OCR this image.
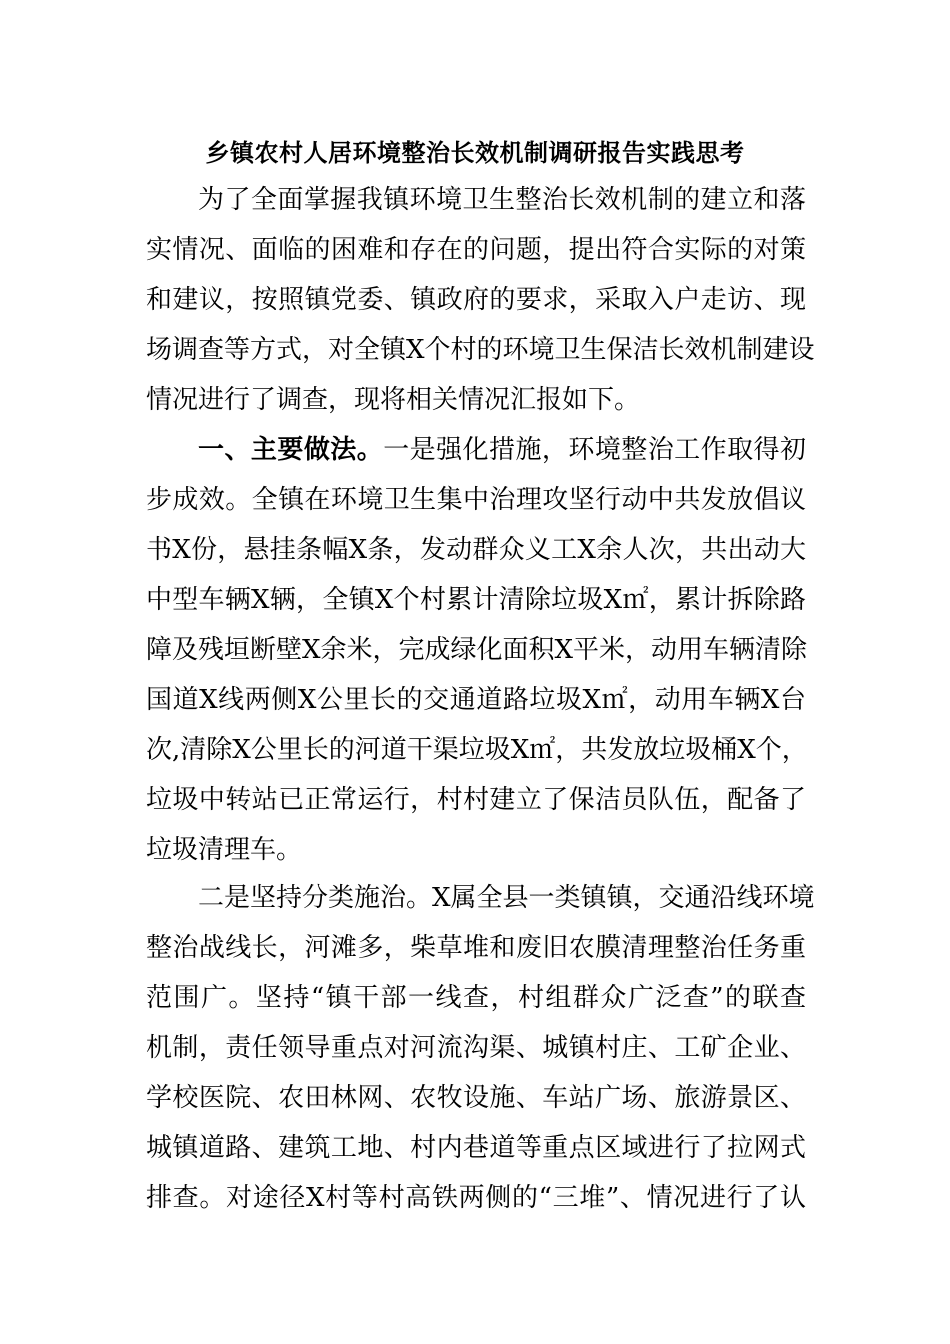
乡镇农村人居环境整治长效机制调研报告实践思考
为了全面掌握我镇环境卫生整治长效机制的建立和落
实情况、面临的困难和存在的问题，提出符合实际的对策
和建议，按照镇党委、镇政府的要求，采取入户走访、现
场调查等方式，对全镇X个村的环境卫生保洁长效机制建设
情况进行了调查，现将相关情况汇报如下。
一、主要做法。一是强化措施，环境整治工作取得初
步成效。全镇在环境卫生集中治理攻坚行动中共发放倡议
书X份，悬挂条幅X条，发动群众义工X余人次，共出动大
中型车辆X辆，全镇X个村累计清除垃圾X㎡，累计拆除路
障及残垣断壁X余米，完成绿化面积X平米，动用车辆清除
国道X线两侧X公里长的交通道路垃圾X㎡，动用车辆X台
次,清除X公里长的河道干渠垃圾X㎡，共发放垃圾桶X个，
垃圾中转站已正常运行，村村建立了保洁员队伍，配备了
垃圾清理车。
二是坚持分类施治。X属全县一类镇镇，交通沿线环境
整治战线长，河滩多，柴草堆和废旧农膜清理整治任务重
范围广。坚持“镇干部一线查，村组群众广泛查”的联查
机制，责任领导重点对河流沟渠、城镇村庄、工矿企业、
学校医院、农田林网、农牧设施、车站广场、旅游景区、
城镇道路、建筑工地、村内巷道等重点区域进行了拉网式
排查。对途径X村等村高铁两侧的“三堆”、情况进行了认
